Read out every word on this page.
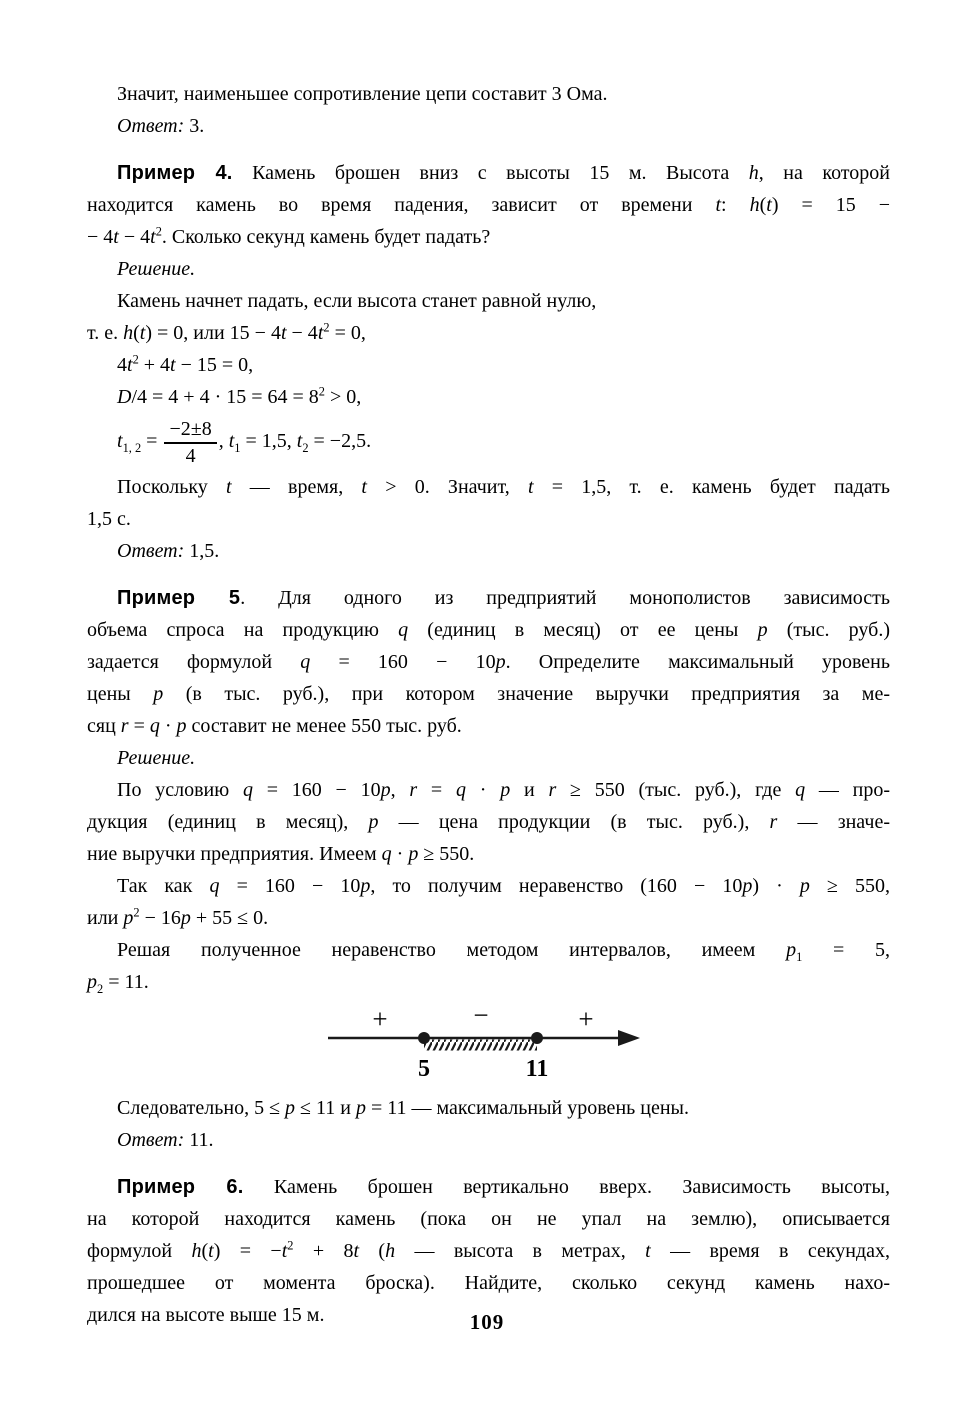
Значит, наименьшее сопротивление цепи составит 3 Ома.
Ответ: 3.
Пример 4. Камень брошен вниз с высоты 15 м. Высота h, на которой
находится камень во время падения, зависит от времени t: h(t) = 15 −
− $4t - 4t^2$. Сколько секунд камень будет падать?
Решение.
Камень начнет падать, если высота станет равной нулю,
т. е. h(t) = 0, или $15 - 4t - 4t^2 = 0$,
$4t^2 + 4t - 15 = 0$,
$D/4 = 4 + 4 \cdot 15 = 64 = 8^2 > 0$,
$t_{1, 2} = \frac{-2\pm 8}{4}$ , $t_1 = 1,5$, $t_2 = -2,5$.
Поскольку t — время, t > 0. Значит, t = 1,5, т. е. камень будет падать
1,5 с.
Ответ: 1,5.
Пример 5. Для одного из предприятий монополистов зависимость
объема спроса на продукцию q (единиц в месяц) от ее цены p (тыс. руб.)
задается формулой q = 160 − 10p. Определите максимальный уровень
цены p (в тыс. руб.), при котором значение выручки предприятия за ме-
сяц r = q · p составит не менее 550 тыс. руб.
Решение.
По условию q = 160 − 10p, r = q · p и r ≥ 550 (тыс. руб.), где q — про-
дукция (единиц в месяц), p — цена продукции (в тыс. руб.), r — значе-
ние выручки предприятия. Имеем q · p ≥ 550.
Так как q = 160 − 10p, то получим неравенство (160 − 10p) · p ≥ 550,
или $p^2 - 16p + 55 \le 0$.
Решая полученное неравенство методом интервалов, имеем $p_1 = 5$,
$p_2 = 11$.
+	−	+
5	11
Следовательно, 5 ≤ p ≤ 11 и p = 11 — максимальный уровень цены.
Ответ: 11.
Пример 6. Камень брошен вертикально вверх. Зависимость высоты,
на которой находится камень (пока он не упал на землю), описывается
формулой $h(t) = -t^2 + 8t$ (h — высота в метрах, t — время в секундах,
прошедшее от момента броска). Найдите, сколько секунд камень нахо-
дился на высоте выше 15 м.	109
